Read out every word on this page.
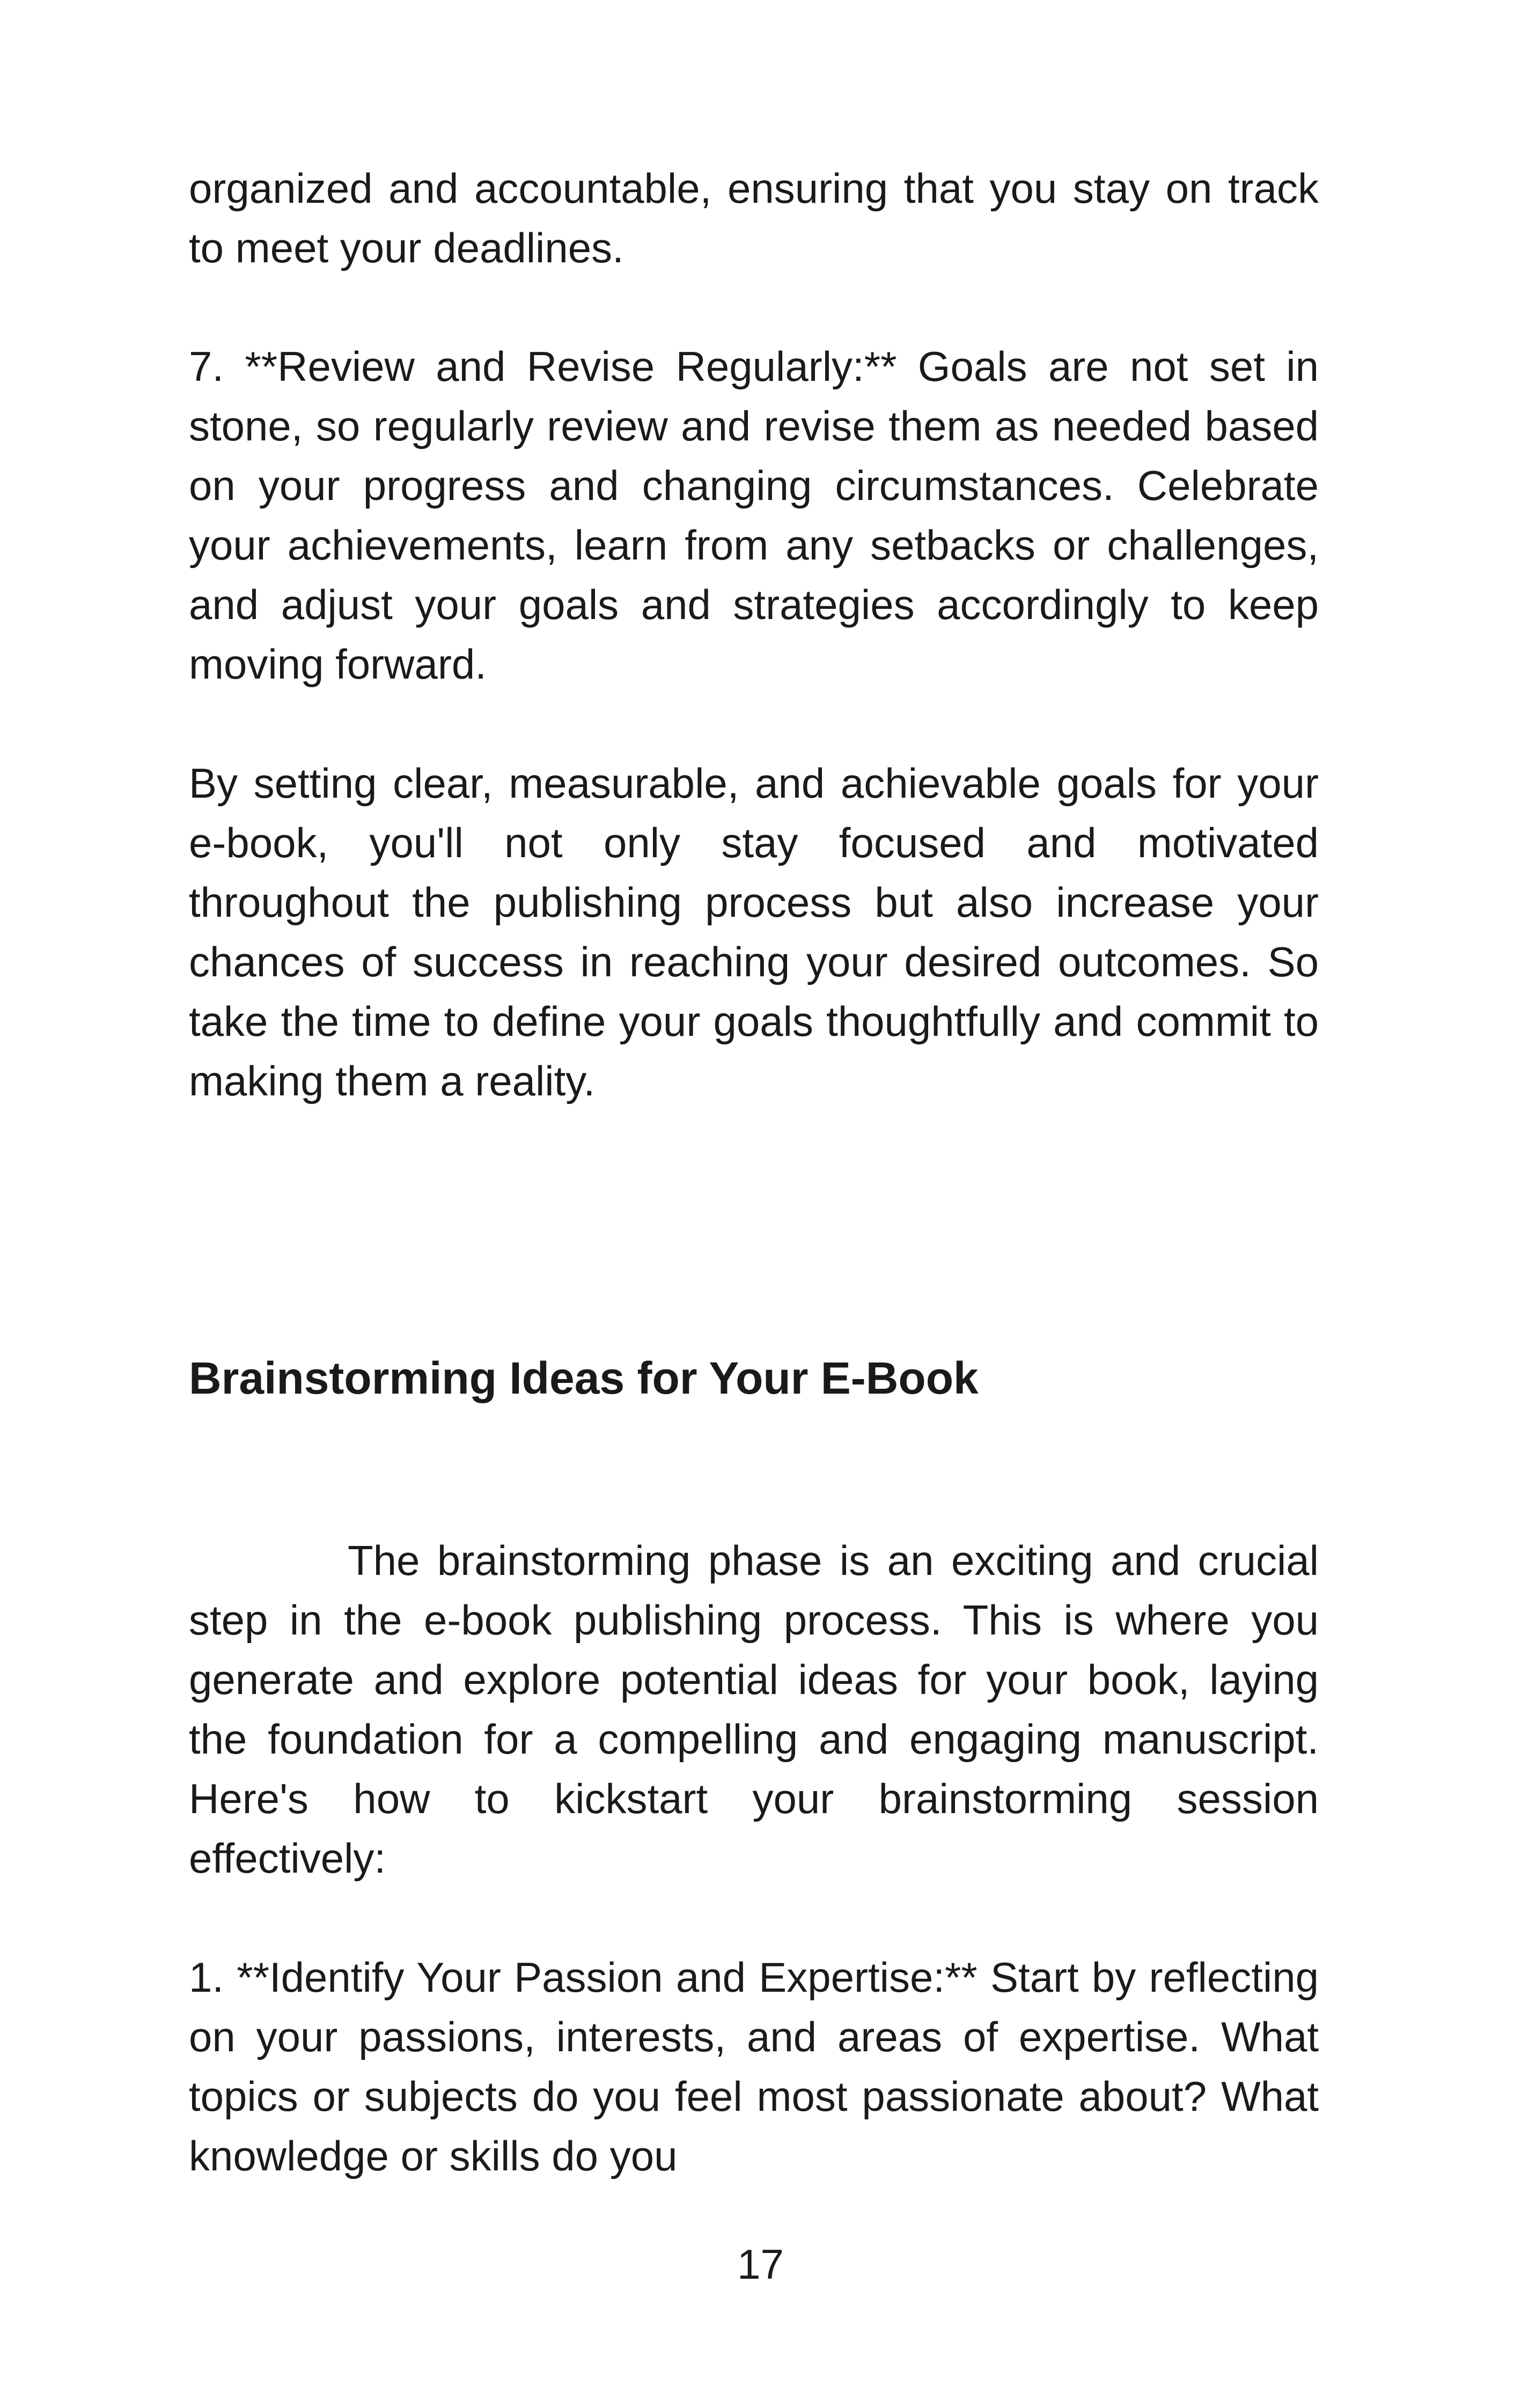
organized and accountable, ensuring that you stay on track to meet your deadlines.

7. **Review and Revise Regularly:** Goals are not set in stone, so regularly review and revise them as needed based on your progress and changing circumstances. Celebrate your achievements, learn from any setbacks or challenges, and adjust your goals and strategies accordingly to keep moving forward.

By setting clear, measurable, and achievable goals for your e-book, you'll not only stay focused and motivated throughout the publishing process but also increase your chances of success in reaching your desired outcomes. So take the time to define your goals thoughtfully and commit to making them a reality.

Brainstorming Ideas for Your E-Book

The brainstorming phase is an exciting and crucial step in the e-book publishing process. This is where you generate and explore potential ideas for your book, laying the foundation for a compelling and engaging manuscript. Here's how to kickstart your brainstorming session effectively:

1. **Identify Your Passion and Expertise:** Start by reflecting on your passions, interests, and areas of expertise. What topics or subjects do you feel most passionate about? What knowledge or skills do you

17
